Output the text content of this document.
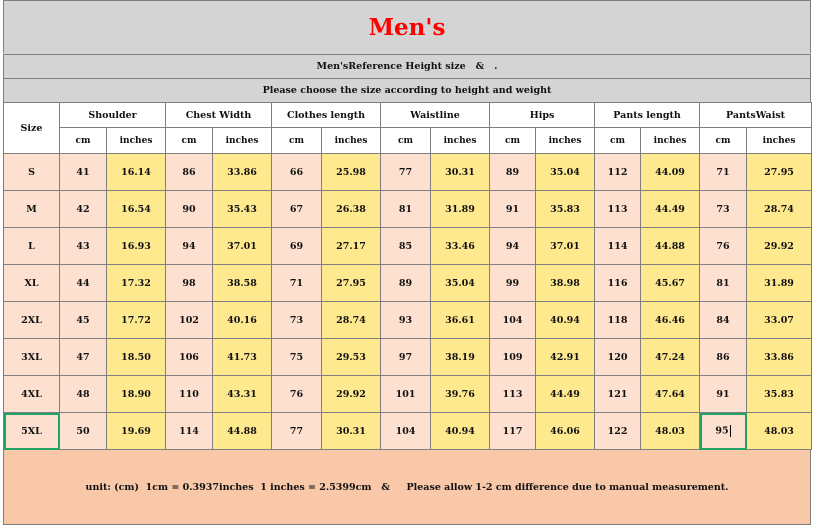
Men's
Men'sReference Height size   &   .
Please choose the size according to height and weight
Size	Shoulder		Chest Width		Clothes length		Waistline		Hips		Pants length		PantsWaist	
	cm	inches	cm	inches	cm	inches	cm	inches	cm	inches	cm	inches	cm	inches
S	41	16.14	86	33.86	66	25.98	77	30.31	89	35.04	112	44.09	71	27.95
M	42	16.54	90	35.43	67	26.38	81	31.89	91	35.83	113	44.49	73	28.74
L	43	16.93	94	37.01	69	27.17	85	33.46	94	37.01	114	44.88	76	29.92
XL	44	17.32	98	38.58	71	27.95	89	35.04	99	38.98	116	45.67	81	31.89
2XL	45	17.72	102	40.16	73	28.74	93	36.61	104	40.94	118	46.46	84	33.07
3XL	47	18.50	106	41.73	75	29.53	97	38.19	109	42.91	120	47.24	86	33.86
4XL	48	18.90	110	43.31	76	29.92	101	39.76	113	44.49	121	47.64	91	35.83
5XL	50	19.69	114	44.88	77	30.31	104	40.94	117	46.06	122	48.03	95	48.03
unit: (cm)  1cm = 0.3937inches  1 inches = 2.5399cm   &     Please allow 1-2 cm difference due to manual measurement.
